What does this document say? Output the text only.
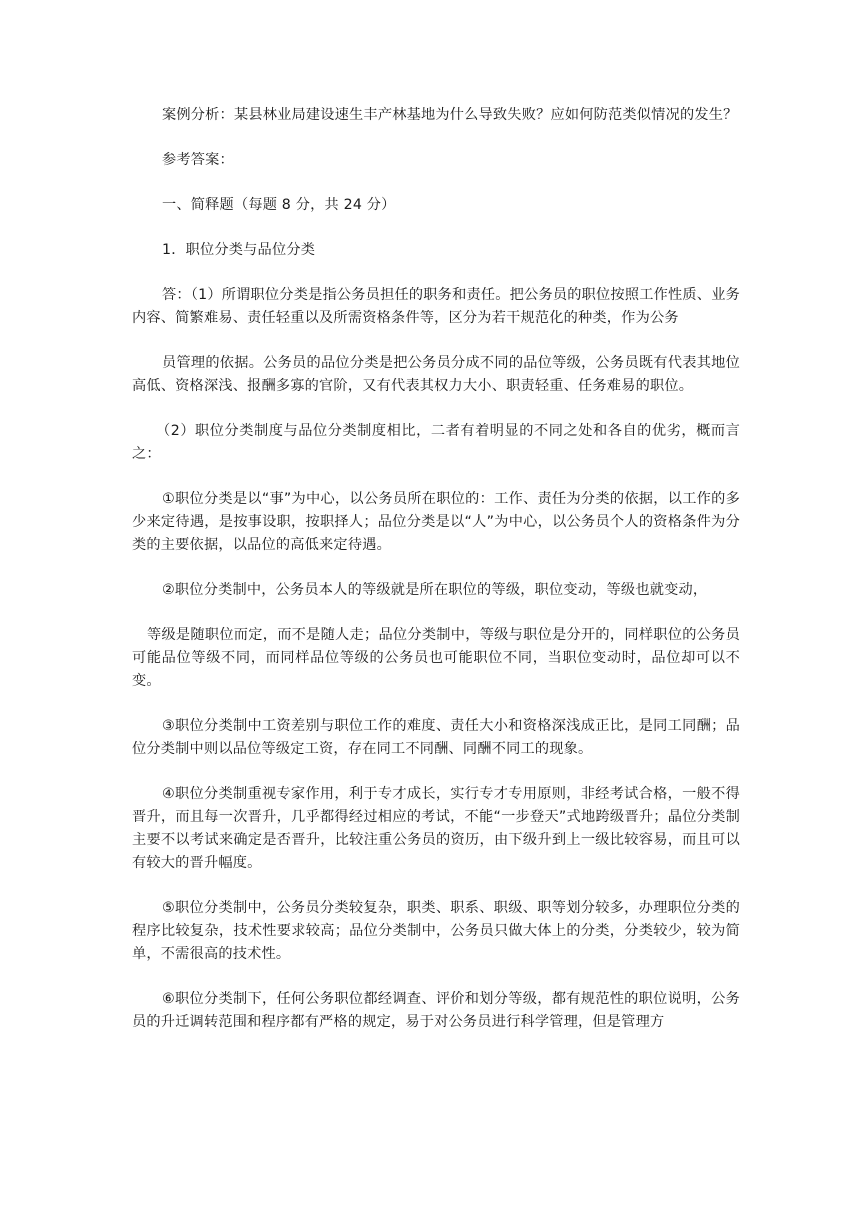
案例分析：某县林业局建设速生丰产林基地为什么导致失败？应如何防范类似情况的发生？

参考答案：

一、简释题（每题 8 分，共 24 分）

1．职位分类与品位分类

答：（1）所谓职位分类是指公务员担任的职务和责任。把公务员的职位按照工作性质、业务内容、简繁难易、责任轻重以及所需资格条件等，区分为若干规范化的种类，作为公务

员管理的依据。公务员的品位分类是把公务员分成不同的品位等级，公务员既有代表其地位高低、资格深浅、报酬多寡的官阶，又有代表其权力大小、职责轻重、任务难易的职位。

（2）职位分类制度与品位分类制度相比，二者有着明显的不同之处和各自的优劣，概而言之：

①职位分类是以“事”为中心，以公务员所在职位的：工作、责任为分类的依据，以工作的多少来定待遇，是按事设职，按职择人；品位分类是以“人”为中心，以公务员个人的资格条件为分类的主要依据，以品位的高低来定待遇。

②职位分类制中，公务员本人的等级就是所在职位的等级，职位变动，等级也就变动，

等级是随职位而定，而不是随人走；品位分类制中，等级与职位是分开的，同样职位的公务员可能品位等级不同，而同样品位等级的公务员也可能职位不同，当职位变动时，品位却可以不变。

③职位分类制中工资差别与职位工作的难度、责任大小和资格深浅成正比，是同工同酬；品位分类制中则以品位等级定工资，存在同工不同酬、同酬不同工的现象。

④职位分类制重视专家作用，利于专才成长，实行专才专用原则，非经考试合格，一般不得晋升，而且每一次晋升，几乎都得经过相应的考试，不能“一步登天”式地跨级晋升；晶位分类制主要不以考试来确定是否晋升，比较注重公务员的资历，由下级升到上一级比较容易，而且可以有较大的晋升幅度。

⑤职位分类制中，公务员分类较复杂，职类、职系、职级、职等划分较多，办理职位分类的程序比较复杂，技术性要求较高；品位分类制中，公务员只做大体上的分类，分类较少，较为简单，不需很高的技术性。

⑥职位分类制下，任何公务职位都经调查、评价和划分等级，都有规范性的职位说明，公务员的升迁调转范围和程序都有严格的规定，易于对公务员进行科学管理，但是管理方
